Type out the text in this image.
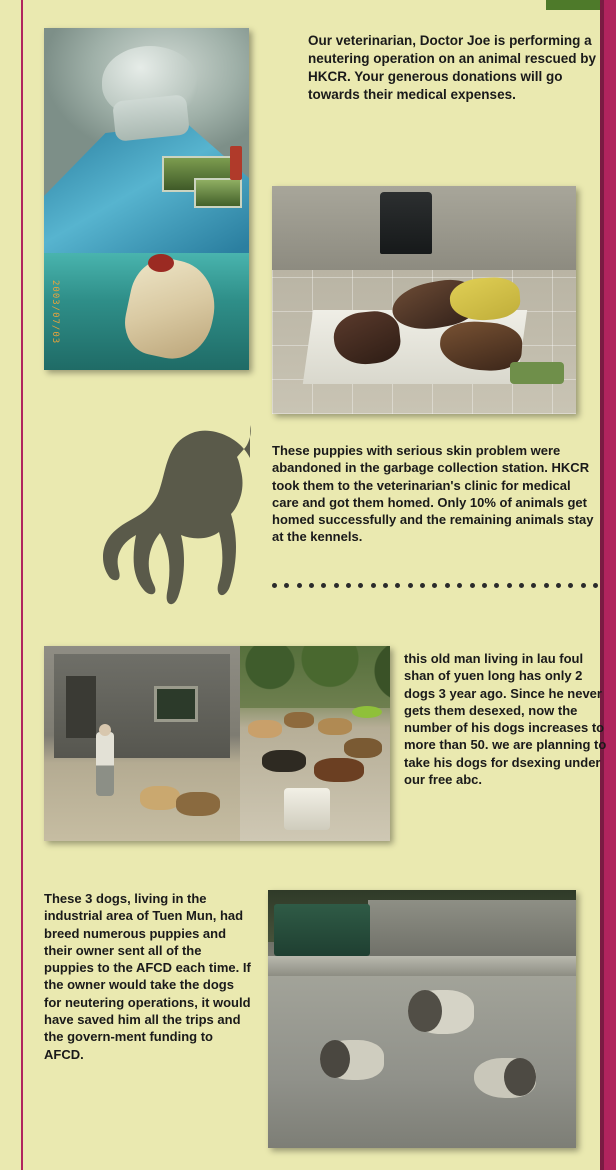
2003/07/03
Our veterinarian, Doctor Joe is performing a neutering operation on an animal rescued by HKCR. Your generous donations will go towards their medical expenses.
These puppies with serious skin problem were abandoned in the garbage collection station. HKCR took them to the veterinarian's clinic for medical care and got them homed. Only 10% of animals get homed successfully and the remaining animals stay at the kennels.
this old man living in lau foul shan of yuen long has only 2 dogs 3 year ago. Since he never gets them desexed, now the number of his dogs increases to more than 50. we are planning to take his dogs for dsexing under our free abc.
These 3 dogs, living in the industrial area of Tuen Mun, had breed numerous puppies and their owner sent all of the puppies to the AFCD each time. If the owner would take the dogs for neutering operations, it would have saved him all the trips and the govern-ment funding to AFCD.
